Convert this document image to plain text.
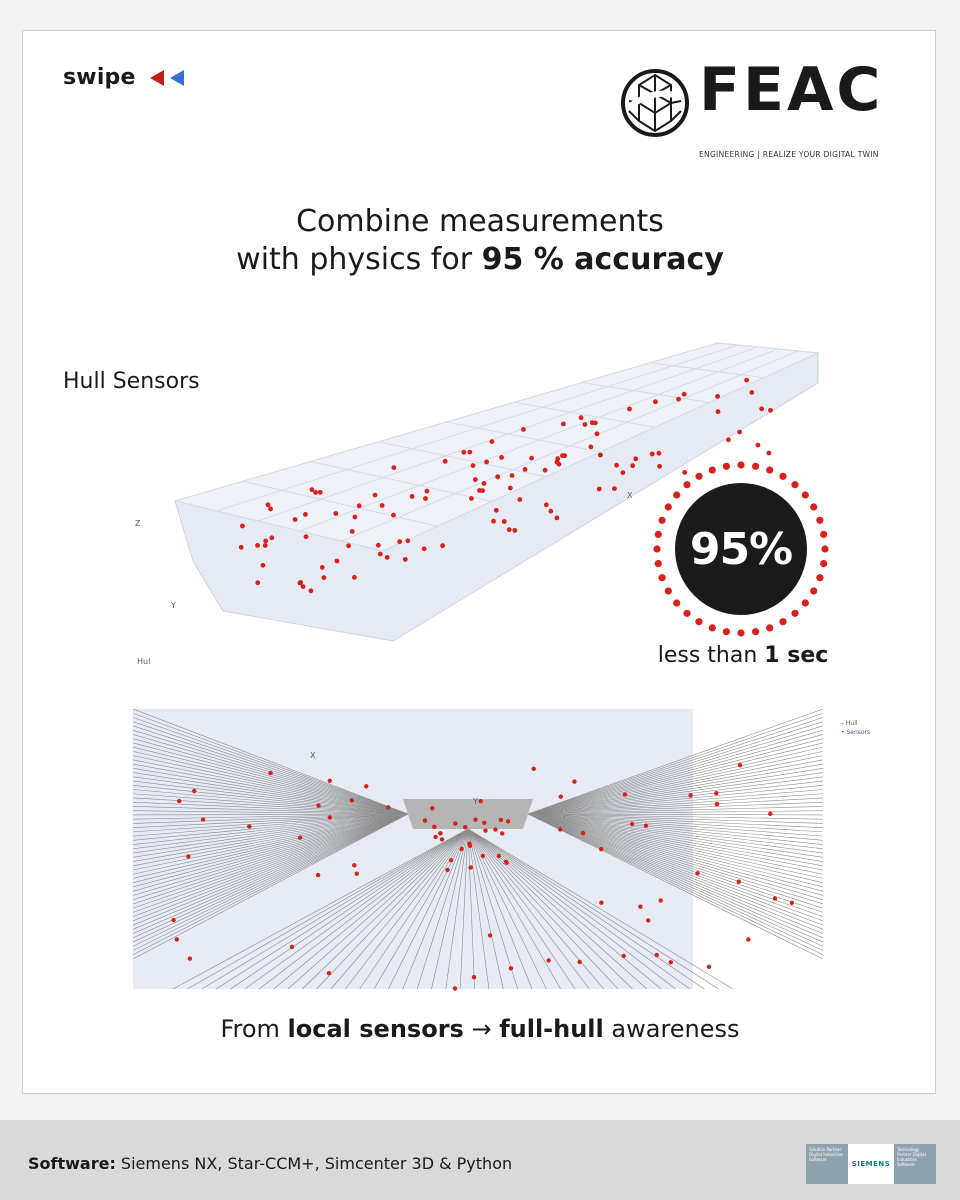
swipe	FEAC
ENGINEERING | REALIZE YOUR DIGITAL TWIN
Combine measurements
with physics for 95 % accuracy
Hull Sensors
Z
Y
X
Hul
95%
less than 1 sec
X
Y
– Hull
• Sensors
From local sensors → full-hull awareness
Software: Siemens NX, Star-CCM+, Simcenter 3D & Python
Solution Partner Digital Industries Software
SIEMENS
Technology Partner Digital Industries Software
